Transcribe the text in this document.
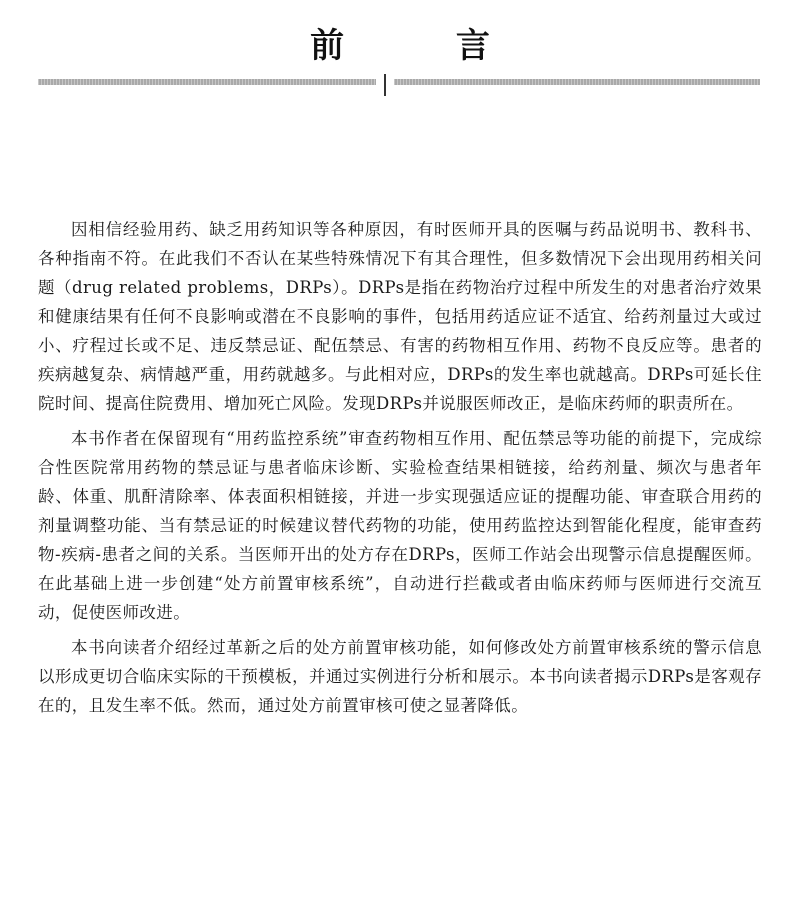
前 言

因相信经验用药、缺乏用药知识等各种原因，有时医师开具的医嘱与药品说明书、教科书、各种指南不符。在此我们不否认在某些特殊情况下有其合理性，但多数情况下会出现用药相关问题（drug related problems，DRPs）。DRPs是指在药物治疗过程中所发生的对患者治疗效果和健康结果有任何不良影响或潜在不良影响的事件，包括用药适应证不适宜、给药剂量过大或过小、疗程过长或不足、违反禁忌证、配伍禁忌、有害的药物相互作用、药物不良反应等。患者的疾病越复杂、病情越严重，用药就越多。与此相对应，DRPs的发生率也就越高。DRPs可延长住院时间、提高住院费用、增加死亡风险。发现DRPs并说服医师改正，是临床药师的职责所在。

本书作者在保留现有“用药监控系统”审查药物相互作用、配伍禁忌等功能的前提下，完成综合性医院常用药物的禁忌证与患者临床诊断、实验检查结果相链接，给药剂量、频次与患者年龄、体重、肌酐清除率、体表面积相链接，并进一步实现强适应证的提醒功能、审查联合用药的剂量调整功能、当有禁忌证的时候建议替代药物的功能，使用药监控达到智能化程度，能审查药物-疾病-患者之间的关系。当医师开出的处方存在DRPs，医师工作站会出现警示信息提醒医师。在此基础上进一步创建“处方前置审核系统”，自动进行拦截或者由临床药师与医师进行交流互动，促使医师改进。

本书向读者介绍经过革新之后的处方前置审核功能，如何修改处方前置审核系统的警示信息以形成更切合临床实际的干预模板，并通过实例进行分析和展示。本书向读者揭示DRPs是客观存在的，且发生率不低。然而，通过处方前置审核可使之显著降低。
